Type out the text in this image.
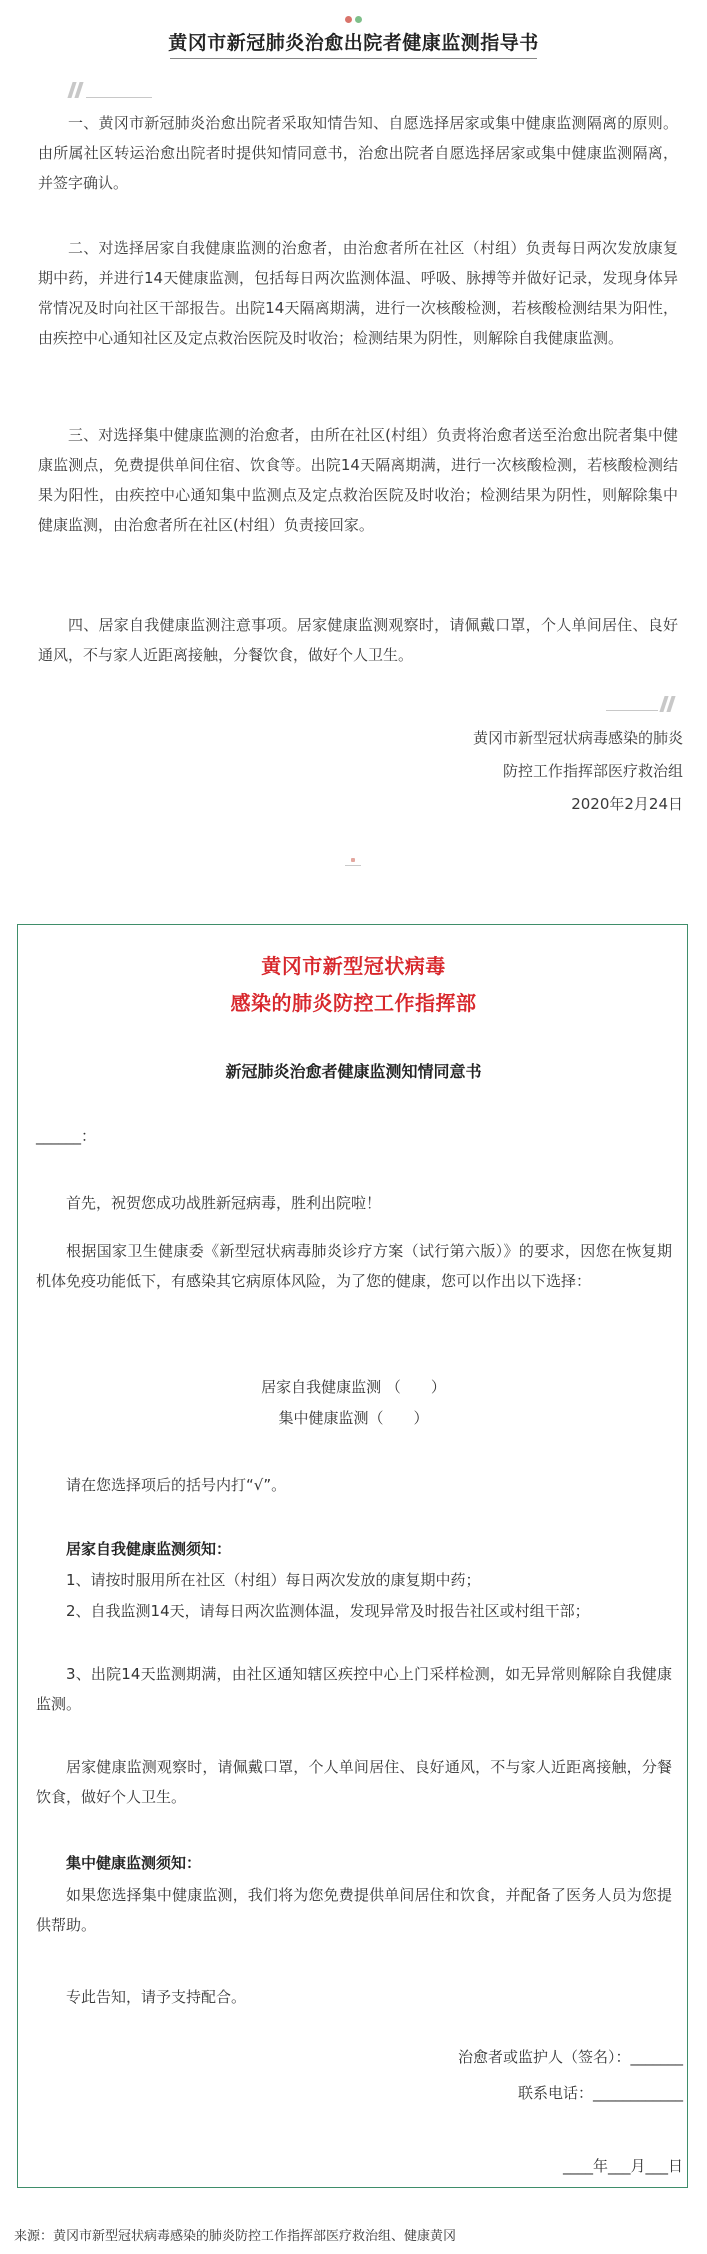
黄冈市新冠肺炎治愈出院者健康监测指导书

一、黄冈市新冠肺炎治愈出院者采取知情告知、自愿选择居家或集中健康监测隔离的原则。由所属社区转运治愈出院者时提供知情同意书，治愈出院者自愿选择居家或集中健康监测隔离，并签字确认。

二、对选择居家自我健康监测的治愈者，由治愈者所在社区（村组）负责每日两次发放康复期中药，并进行14天健康监测，包括每日两次监测体温、呼吸、脉搏等并做好记录，发现身体异常情况及时向社区干部报告。出院14天隔离期满，进行一次核酸检测，若核酸检测结果为阳性，由疾控中心通知社区及定点救治医院及时收治；检测结果为阴性，则解除自我健康监测。

三、对选择集中健康监测的治愈者，由所在社区(村组）负责将治愈者送至治愈出院者集中健康监测点，免费提供单间住宿、饮食等。出院14天隔离期满，进行一次核酸检测，若核酸检测结果为阳性，由疾控中心通知集中监测点及定点救治医院及时收治；检测结果为阴性，则解除集中健康监测，由治愈者所在社区(村组）负责接回家。

四、居家自我健康监测注意事项。居家健康监测观察时，请佩戴口罩，个人单间居住、良好通风，不与家人近距离接触，分餐饮食，做好个人卫生。

黄冈市新型冠状病毒感染的肺炎
防控工作指挥部医疗救治组
2020年2月24日
黄冈市新型冠状病毒
感染的肺炎防控工作指挥部
新冠肺炎治愈者健康监测知情同意书

______：

首先，祝贺您成功战胜新冠病毒，胜利出院啦！

根据国家卫生健康委《新型冠状病毒肺炎诊疗方案（试行第六版）》的要求，因您在恢复期机体免疫功能低下，有感染其它病原体风险，为了您的健康，您可以作出以下选择：

居家自我健康监测 （　　）
集中健康监测（　　）

请在您选择项后的括号内打“√”。

居家自我健康监测须知：

1、请按时服用所在社区（村组）每日两次发放的康复期中药；

2、自我监测14天，请每日两次监测体温，发现异常及时报告社区或村组干部；

3、出院14天监测期满，由社区通知辖区疾控中心上门采样检测，如无异常则解除自我健康监测。

居家健康监测观察时，请佩戴口罩，个人单间居住、良好通风，不与家人近距离接触，分餐饮食，做好个人卫生。

集中健康监测须知：

如果您选择集中健康监测，我们将为您免费提供单间居住和饮食，并配备了医务人员为您提供帮助。

专此告知，请予支持配合。

治愈者或监护人（签名）：_______
联系电话：____________
____年___月___日
来源：黄冈市新型冠状病毒感染的肺炎防控工作指挥部医疗救治组、健康黄冈
